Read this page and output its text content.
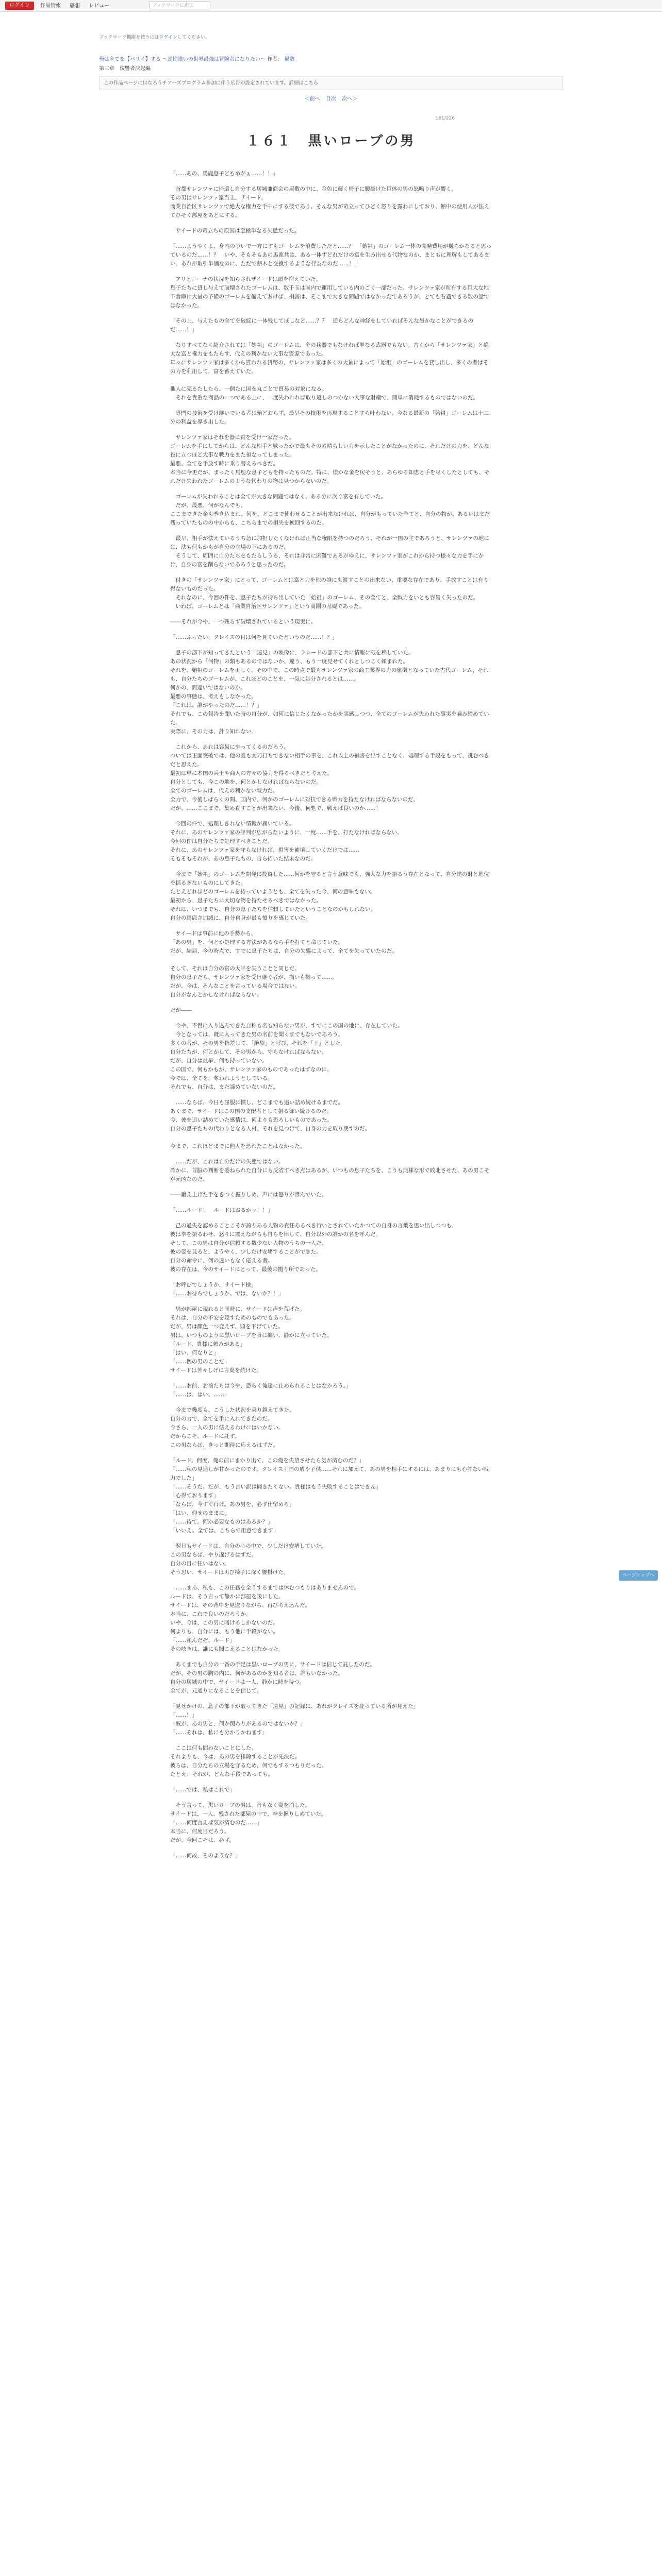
ログイン	作品情報 感想 レビュー	ブックマークに追加
ブックマーク機能を使うにはログインしてください。
俺は全てを【パリイ】する ～逆勘違いの世界最強は冒険者になりたい～ 作者： 鍋敷
第三章　復讐者決起編
この作品ページにはなろうチアーズプログラム参加に伴う広告が設定されています。詳細はこちら
＜前へ 目次 次へ＞
161/226
１６１　黒いローブの男

「……あの、馬鹿息子どもめがぁ……！！」

　首都サレンツァに帰還し自分する居城兼商会の屋敷の中に、金色に輝く椅子に腰掛けた巨体の男の怒鳴り声が響く。
その男はサレンツァ家当主、ザイード。
商業自治区サレンツァで絶大な権力を手中にする彼であり、そんな男が苛立ってひどく怒りを露わにしており、館中の使用人が怯えてひそく部屋をあとにする。

　サイードの苛立ちの原因は至極単なる失態だった。

「……ようやくよ、身内の争いで一方にすもゴーレムを浪費しただと……？　「始祖」のゴーレム一体の開発費用が幾らかなると思っているのだ……！？　いや、そもそもあの馬鹿共は、ある一体ずどれだけの富を生み出せる代物なのか、まともに理解もしてあるまい。あれが取引単価なのに、ただで薪木と交換するような行為なのだ……！」

　アリとニーナの状況を知らされザイードは頭を抱えていた。
息子たちに貸し与えて破壊されたゴーレムは、数千玉は国内で運用している内のごく一部だった。サレンツァ家が所有する巨大な地下倉庫に大量の予備のゴーレムを備えておけば、損害は、そこまで大きな問題ではなかったであろうが、とても看過できる数の話ではなかった。

「その上、与えたもの全てを破綻に一体残してほしなど……？？　逆らどんな神経をしていればそんな愚かなことができるのだ……！」

　なりすべてなく紹介されては「始祖」のゴーレムは、全の兵器でもなければ単なる武器でもない。古くから「サレンツァ家」と絶大な富と権力をもたらす、代えの利かない大事な資源であった。
年々にサレンツァ家は多くから貰われる貨幣の、サレンツァ家は多くの大量によって「始祖」のゴーレムを貸し出し、多くの者はその力を利用して、富を蓄えていた。

他人に売るたしたら、一個たに国を丸ごとで貿易の対象になる。
　それを貴重な商品の一つである上に、一度失われれば取り返しのつかない大事な財産で、簡単に消耗するものではないのだ。

　専門の技術を受け継いでいる者は殆どおらず、最早その技術を再現することすら叶わない。今なる最新の「始祖」ゴーレムは十二分の利益を導き出した。

　サレンツァ家はそれを器に貢を受け一家だった。
ゴーレムを手にしてからは、どんな相手と戦ったかで最もその素晴らしい力を示したことがなかったのに、それだけの力を、どんな役に立つほど大事な戦力をまた損なってしまった。
最悪、全てを手放す時に乗り替えるべきだ。
本当に今更だが、まったく馬鹿な息子どもを持ったものだ。特に、僅かな金を戻そうと、あらゆる知恵と手を尽くしたとしても、それだけ失われたゴーレムのような代わりの物は見つからないのだ。

　ゴーレムが失われることは全てが大きな問題ではなく、ある分に次ぐ富を有していた。
　だが、最悪、何がなんでも、
ここまできた金も巻き込まれ、何を、どこまで使わせることが出来なければ、自分がもっていた全てと、自分の物が、あるいはまだ残っていたものの中からも、こちらまでの損失を挽回するのだ。

　最早、相手が怯えているうち急に加担したくなければ正当な権限を持つのだろう、それが一国の主であろうと、サレンツァの地には、法も何もかもが自分の立場の下にあるのだ。
　そうして、周囲に自分たちをもたらしうる、それは非常に困難であるがゆえに、サレンツァ家がこれから持つ様々な力を手にかけ、自身の富を削らないであろうと思ったのだ。

　付きの「サレンツァ家」にとって、ゴーレムとは富と力を他の誰にも渡すことの出来ない、重要な存在であり、手放すことは有り得ないものだった。
　それなのに、今回の件を、息子たちが持ち出していた「始祖」のゴーレム、その全てと、全戦力をいとも容易く失ったのだ。
　いわば、ゴーレムとは「商業自治区サレンツァ」という商圏の基礎であった。

――それが今や、一つ残らず破壊されているという現実に。

「……ふぅたい、クレイスの目は何を見ていたというのだ……！？」

　息子の部下が知ってきたという「遠見」の映像に、ラシードの部下と共に情報に眼を移していた。
あの状況から「何物」の類もあるのではないか、違う、もう一度見せてくれとしつこく頼まれた。
それを、始祖のゴーレムを正しく、その中で、この時点で最もサレンツァ家の商工業界の力の象徴となっていた古代ゴーレム、それも、自分たちのゴーレムが、これほどのことを、一気に処分されるとは……。
何かの、間違いではないのか。
最悪の事態は、考えもしなかった。
「これは、誰がやったのだ……！？」
それでも、この報告を聞いた時の自分が、如何に信じたくなかったかを実感しつつ、全てのゴーレムが失われた事実を噛み締めていた。
実際に、その力は、計り知れない。

　これから、あれは容易にやってくるのだろう。
ついては正面突破では、他の誰も太刀打ちできない相手の事を、これ以上の損害を出すことなく、処理する手段をもって、挑むべきだと思えた。
最初は単に本国の兵士や商人の方々の協力を得るべきだと考えた。
自分としても、今この地を、何とかしなければならないのだ。
全てのゴーレムは、代えの利かない戦力だ。
全力で、今後しばらくの間、国内で、何かのゴーレムに対抗できる戦力を持たなければならないのだ。
だが、……ここまで、集め直すことが出来ない、今後、何処で、戦えば良いのか……！

　今回の件で、処理しきれない情報が届いている。
それに、あのサレンツァ家の評判が広がらないように、一度……手を、打たなければならない。
今回の件は自分たちで処理すべきことだ。
それに、あのサレンツァ家を守らなければ、損害を補填していくだけでは……
そもそもそれが、あの息子たちの、自ら招いた結末なのだ。

　今まで「始祖」のゴーレムを開発に投資した……何かを守ると言う意味でも、強大な力を振るう存在となって、自分達の財と地位を揺るぎないものにしてきた。
たとえどれほどのゴーレムを持っていようとも、全てを失った今、何の意味もない。
最初から、息子たちに大切な物を持たせるべきではなかった。
それは、いつまでも、自分の息子たちを信頼していたということなのかもしれない。
自分の馬鹿さ加減に、自分自身が最も憤りを感じていた。

　サイードは事前に他の手勢から、
「あの男」を、何とか処理する方法があるなら手を打てと命じていた。
だが、結局、今の時点で、すでに息子たちは、自分の失態によって、全てを失っていたのだ。

そして、それは自分の富の大半を失うことと同じだ。
自分の息子たち、サレンツァ家を受け継ぐ者が、揃いも揃って……。
だが、今は、そんなことを言っている場合ではない。
自分がなんとかしなければならない。

だが――

　今や、不貴に入り込んできた自称も名も知らない男が、すでにこの国の地に、存在していた。
　今となっては、既に入ってきた男の名前を聞くまでもないであろう。
多くの者が、その男を指差して、「絶望」と呼び、それを「王」とした。
自分たちが、何とかして、その男から、守らなければならない。
だが、自分は最早、何も持っていない。
この国で、何もかもが、サレンツァ家のものであったはずなのに。
今では、全てを、奪われようとしている。
それでも、自分は、まだ諦めていないのだ。

　……ならば、今日も屈服に慣し、どこまでも追い詰め続けるまでだ。
あくまで、サイードはこの国の支配者として振る舞い続けるのだ。
今、彼を追い詰めていた感情は、何よりも恐ろしいものであった。
自分の息子たちの代わりとなる人材、それを見つけて、自身の力を取り戻すのだ。

今まで、これほどまでに他人を恐れたことはなかった。

　……だが、これは自分だけの失態ではない。
確かに、首脳の判断を委ねられた自分にも反省すべき点はあるが、いつもの息子たちを、こうも無様な形で敗北させた、あの男こそが元凶なのだ。

――鍛え上げた手をきつく握りしめ、声には怒りが滲んでいた。

「……ルード！　ルードはおるかッ！！」

　己の過失を認めることこそが誇りある人物の責任あるべき行いとされていたかつての自身の言葉を思い出しつつも、
彼は拳を振るわせ、怒りに震えながらも自らを律して、自分以外の誰かの名を呼んだ。
そして、この男は自分が信頼する数少ない人物のうちの一人だ。
彼の姿を見ると、ようやく、少しだけ安堵することができた。
自分の命令に、何の迷いもなく応える者。
彼の存在は、今のサイードにとって、最後の拠り所であった。

「お呼びでしょうか、サイード様」
「……お待ちでしょうか。では、ないか？！」

　男が部屋に現れると同時に、サイードは声を荒げた。
それは、自分の不安を隠すためのものでもあった。
だが、男は顔色一つ変えず、頭を下げていた。
男は、いつものように黒いローブを身に纏い、静かに立っていた。
「ルード、貴様に頼みがある」
「はい、何なりと」
「……例の男のことだ」
サイードは苦々しげに言葉を続けた。

「……お前、お前たちは今や、恐らく俺達に止められることはなかろう。」
「……は、はい、……」

　今まで幾度も、こうした状況を乗り越えてきた。
自分の力で、全てを手に入れてきたのだ。
今さら、一人の男に怯えるわけにはいかない。
だからこそ、ルードに託す。
この男ならば、きっと期待に応えるはずだ。

「ルード。何度、俺の前にまかり出て、この俺を失望させたら気が済むのだ？」
「……私の見通しが甘かったのです。クレイス王国の盾や子供……それに加えて、あの男を相手にするには、あまりにも心許ない戦力でした」
「……そうだ。だが、もう言い訳は聞きたくない。貴様はもう失敗することはできん」
「心得ております」
「ならば、今すぐ行け。あの男を、必ず仕留めろ」
「はい、仰せのままに」
「……待て。何か必要なものはあるか？」
「いいえ。全ては、こちらで用意できます」

　翌日もサイードは、自分の心の中で、少しだけ安堵していた。
この男ならば、やり遂げるはずだ。
自分の目に狂いはない。
そう思い、サイードは再び椅子に深く腰掛けた。

　……まあ、私も、この任務を全うするまでは休むつもりはありませんので。
ルードは、そう言って静かに部屋を後にした。
サイードは、その背中を見送りながら、再び考え込んだ。
本当に、これで良いのだろうか。
いや、今は、この男に賭けるしかないのだ。
何よりも、自分には、もう他に手段がない。
「……頼んだぞ、ルード」
その呟きは、誰にも聞こえることはなかった。

　あくまでも自分の一番の手足は黒いローブの男に、サイードは信じて託したのだ。
だが、その男の胸の内に、何があるのかを知る者は、誰もいなかった。
自分の居城の中で、サイードは一人、静かに時を待つ。
全てが、元通りになることを信じて。

「見せかけの、息子の部下が取ってきた「遠見」の記録に、あれがクレイスを庇っている所が見えた」
「……！」
「奴が、あの男と、何か関わりがあるのではないか？」
「……それは、私にも分かりかねます」

　ここは何も問わないことにした。
それよりも、今は、あの男を排除することが先決だ。
彼らは、自分たちの立場を守るため、何でもするつもりだった。
たとえ、それが、どんな手段であっても。

「……では、私はこれで」

　そう言って、黒いローブの男は、音もなく姿を消した。
サイードは、一人、残された部屋の中で、拳を握りしめていた。
「……何度言えば気が済むのだ……」
本当に、何度目だろう。
だが、今回こそは、必ず。

「……何故、そのような？」

ページトップへ
